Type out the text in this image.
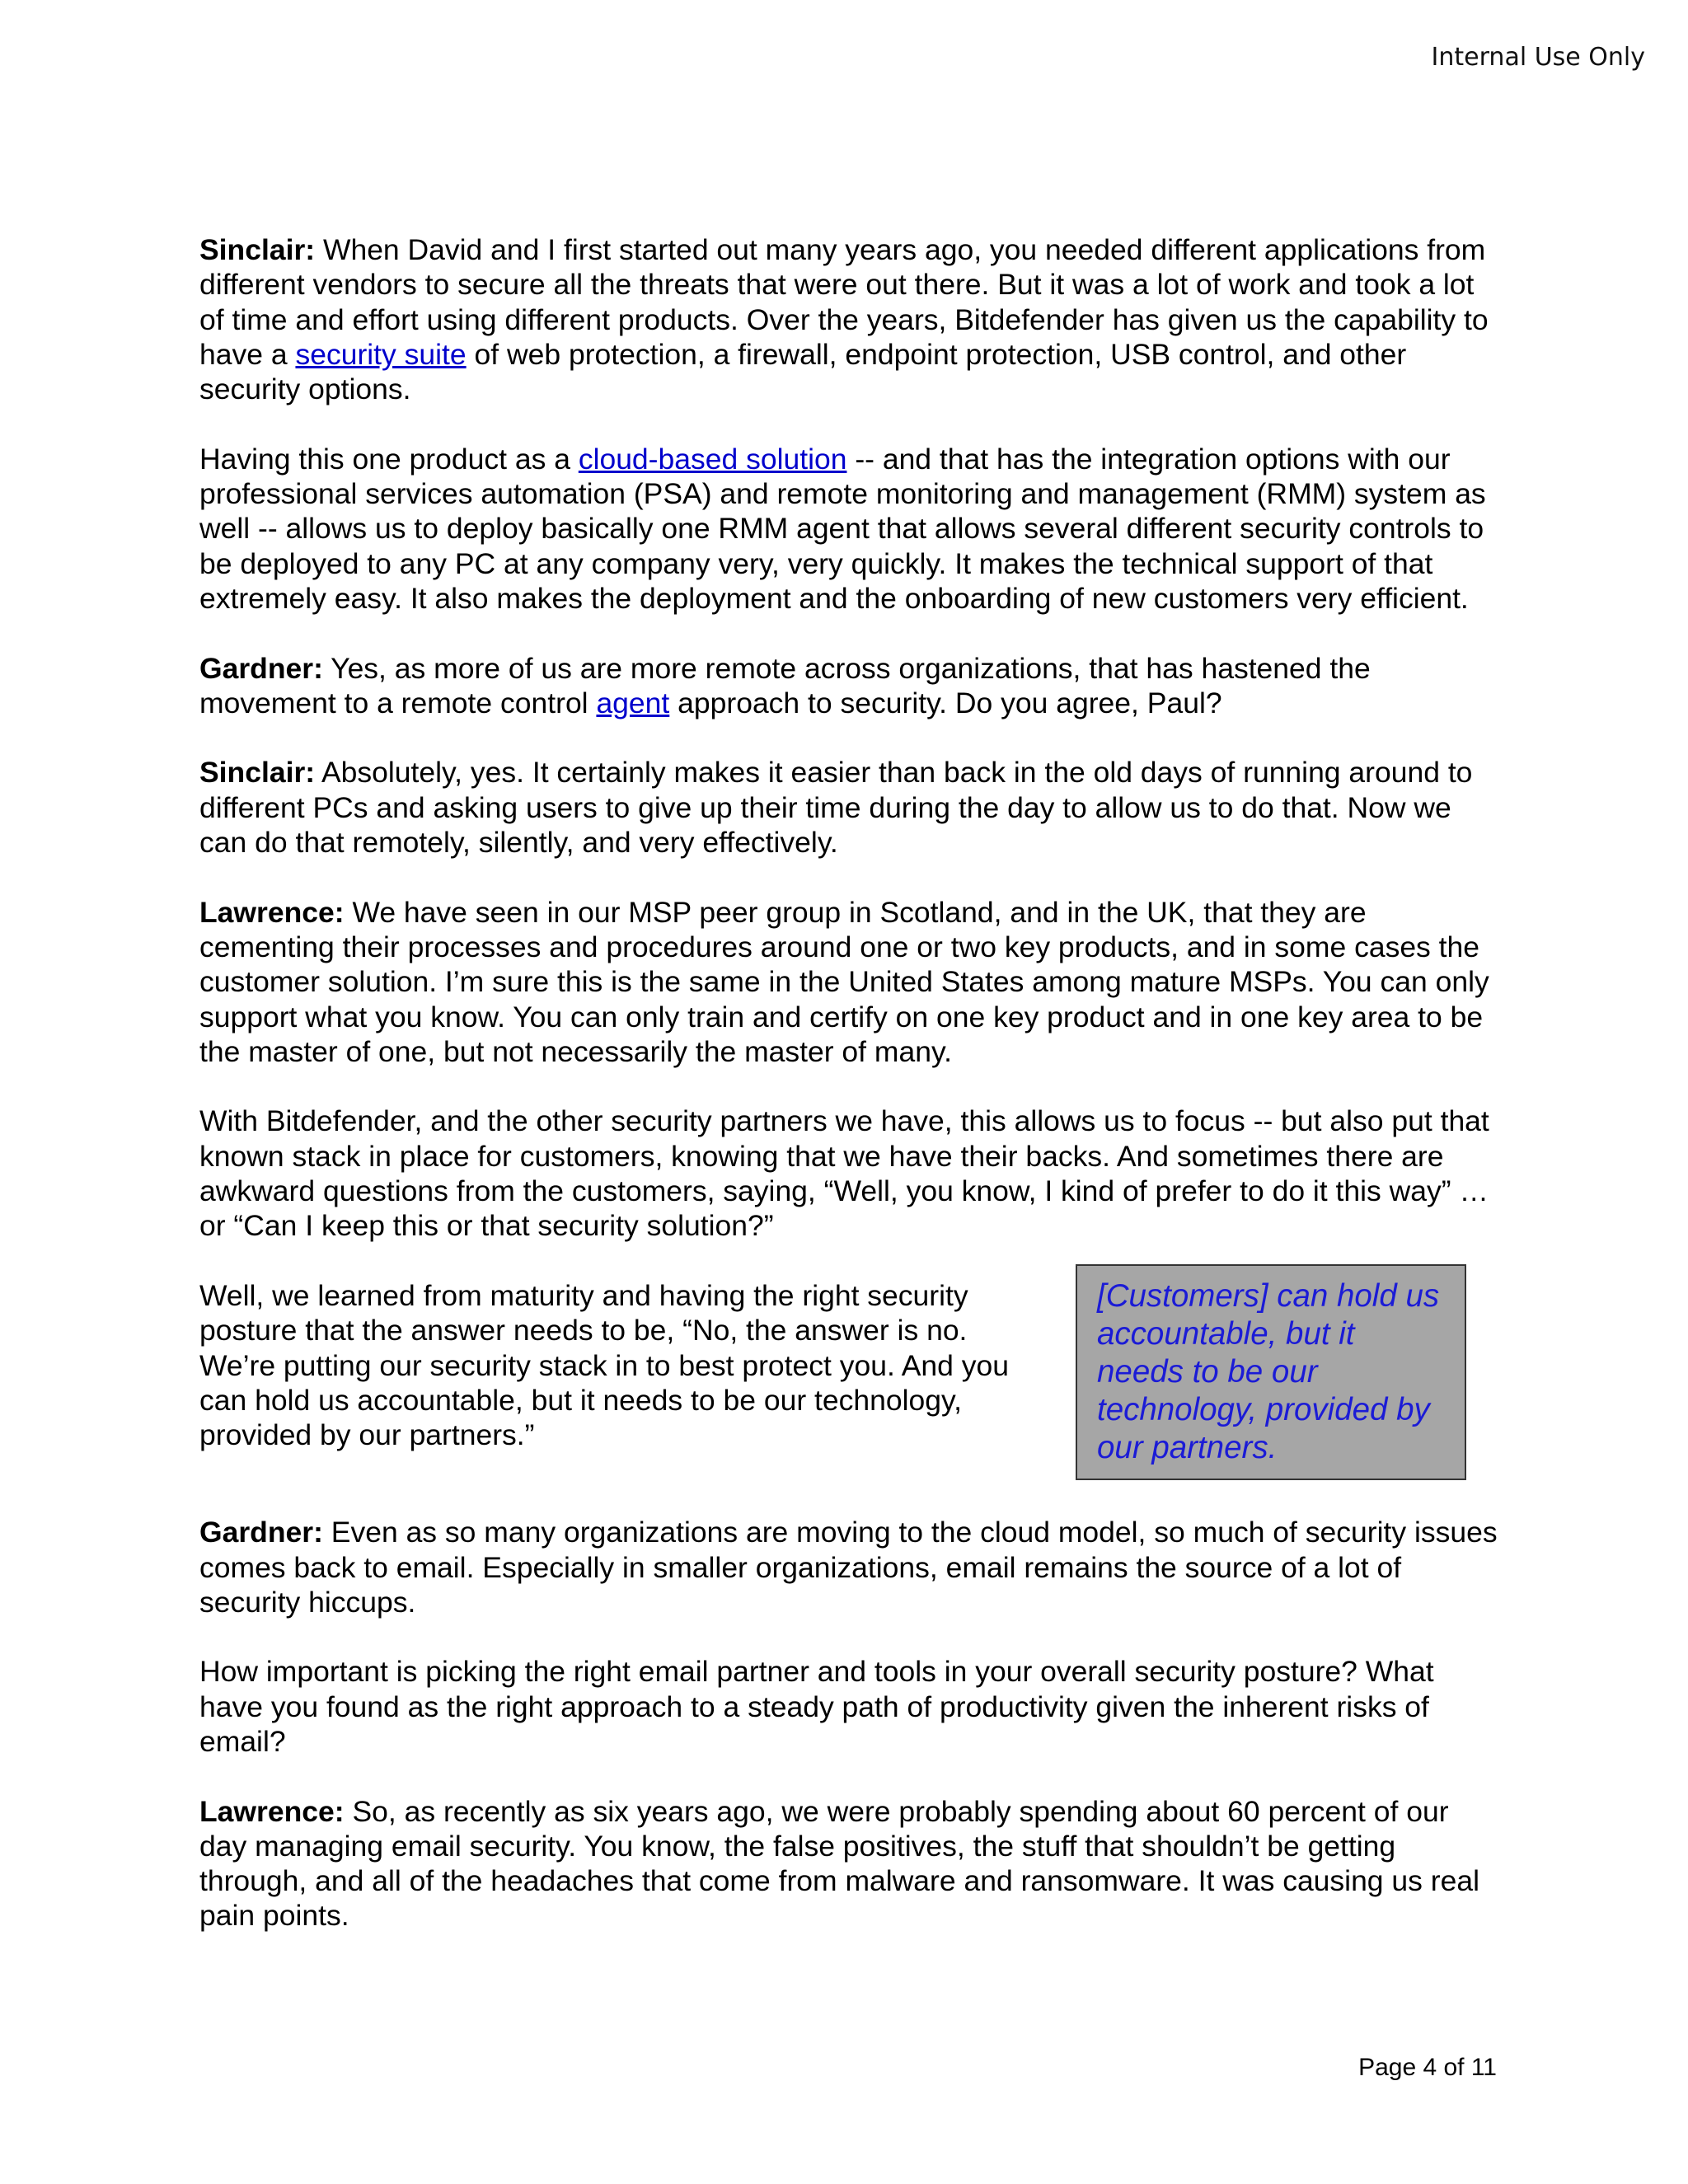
Internal Use Only

Sinclair: When David and I first started out many years ago, you needed different applications from different vendors to secure all the threats that were out there. But it was a lot of work and took a lot of time and effort using different products. Over the years, Bitdefender has given us the capability to have a security suite of web protection, a firewall, endpoint protection, USB control, and other security options.

Having this one product as a cloud-based solution -- and that has the integration options with our professional services automation (PSA) and remote monitoring and management (RMM) system as well -- allows us to deploy basically one RMM agent that allows several different security controls to be deployed to any PC at any company very, very quickly. It makes the technical support of that extremely easy. It also makes the deployment and the onboarding of new customers very efficient.

Gardner: Yes, as more of us are more remote across organizations, that has hastened the movement to a remote control agent approach to security. Do you agree, Paul?

Sinclair: Absolutely, yes. It certainly makes it easier than back in the old days of running around to different PCs and asking users to give up their time during the day to allow us to do that. Now we can do that remotely, silently, and very effectively.

Lawrence: We have seen in our MSP peer group in Scotland, and in the UK, that they are cementing their processes and procedures around one or two key products, and in some cases the customer solution. I’m sure this is the same in the United States among mature MSPs. You can only support what you know. You can only train and certify on one key product and in one key area to be the master of one, but not necessarily the master of many.

With Bitdefender, and the other security partners we have, this allows us to focus -- but also put that known stack in place for customers, knowing that we have their backs. And sometimes there are awkward questions from the customers, saying, “Well, you know, I kind of prefer to do it this way” … or “Can I keep this or that security solution?”

Well, we learned from maturity and having the right security posture that the answer needs to be, “No, the answer is no. We’re putting our security stack in to best protect you. And you can hold us accountable, but it needs to be our technology, provided by our partners.”

[Customers] can hold us accountable, but it needs to be our technology, provided by our partners.

Gardner: Even as so many organizations are moving to the cloud model, so much of security issues comes back to email. Especially in smaller organizations, email remains the source of a lot of security hiccups.

How important is picking the right email partner and tools in your overall security posture? What have you found as the right approach to a steady path of productivity given the inherent risks of email?

Lawrence: So, as recently as six years ago, we were probably spending about 60 percent of our day managing email security. You know, the false positives, the stuff that shouldn’t be getting through, and all of the headaches that come from malware and ransomware. It was causing us real pain points.

Page 4 of 11
